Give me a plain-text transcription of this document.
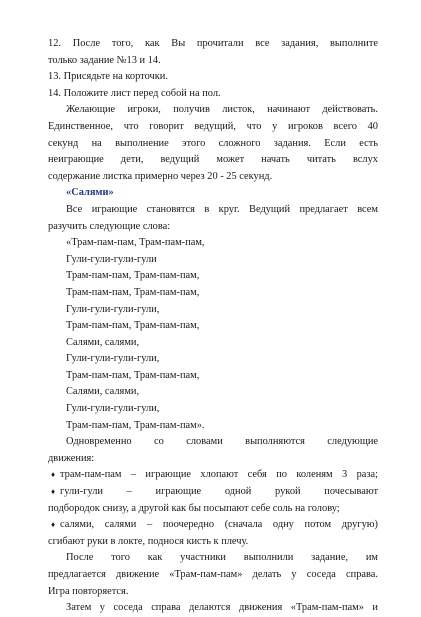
12. После того, как Вы прочитали все задания, выполните
только задание №13 и 14.
13. Присядьте на корточки.
14. Положите лист перед собой на пол.
Желающие игроки, получив листок, начинают действовать.
Единственное, что говорит ведущий, что у игроков всего 40
секунд на выполнение этого сложного задания. Если есть
неиграющие дети, ведущий может начать читать вслух
содержание листка примерно через 20 - 25 секунд.
«Салями»
Все играющие становятся в круг. Ведущий предлагает всем
разучить следующие слова:
«Трам-пам-пам, Трам-пам-пам,
Гули-гули-гули-гули
Трам-пам-пам, Трам-пам-пам,
Трам-пам-пам, Трам-пам-пам,
Гули-гули-гули-гули,
Трам-пам-пам, Трам-пам-пам,
Салями, салями,
Гули-гули-гули-гули,
Трам-пам-пам, Трам-пам-пам,
Салями, салями,
Гули-гули-гули-гули,
Трам-пам-пам, Трам-пам-пам».
Одновременно со словами выполняются следующие
движения:
♦ трам-пам-пам – играющие хлопают себя по коленям 3 раза;
♦ гули-гули – играющие одной рукой почесывают
подбородок снизу, а другой как бы посыпают себе соль на голову;
♦ салями, салями – поочередно (сначала одну потом другую)
сгибают руки в локте, поднося кисть к плечу.
После того как участники выполнили задание, им
предлагается движение «Трам-пам-пам» делать у соседа справа.
Игра повторяется.
Затем у соседа справа делаются движения «Трам-пам-пам» и
